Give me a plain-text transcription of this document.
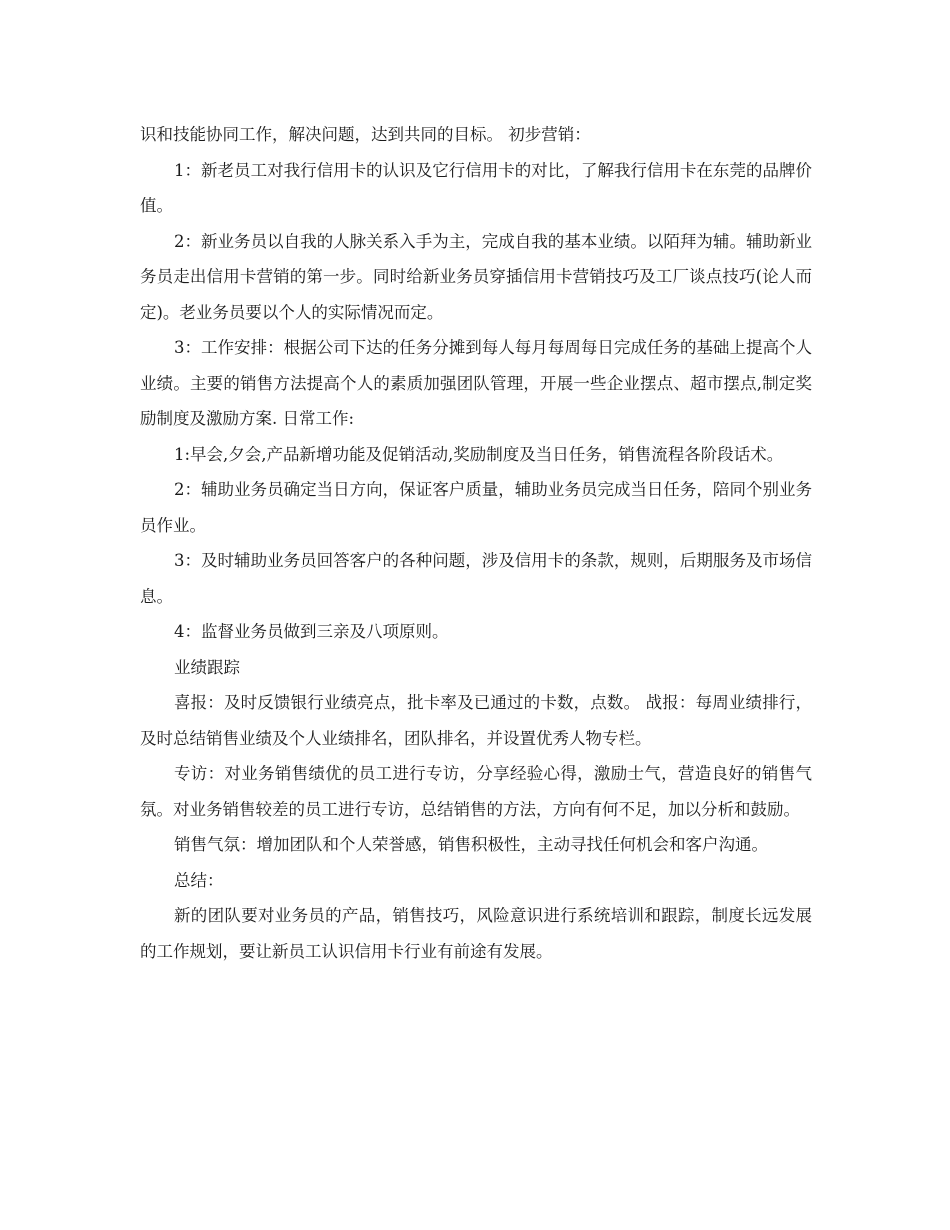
识和技能协同工作，解决问题，达到共同的目标。 初步营销：

1：新老员工对我行信用卡的认识及它行信用卡的对比，了解我行信用卡在东莞的品牌价值。

2：新业务员以自我的人脉关系入手为主，完成自我的基本业绩。以陌拜为辅。辅助新业务员走出信用卡营销的第一步。同时给新业务员穿插信用卡营销技巧及工厂谈点技巧(论人而定)。老业务员要以个人的实际情况而定。

3：工作安排：根据公司下达的任务分摊到每人每月每周每日完成任务的基础上提高个人业绩。主要的销售方法提高个人的素质加强团队管理，开展一些企业摆点、超市摆点,制定奖励制度及激励方案. 日常工作:

1:早会,夕会,产品新增功能及促销活动,奖励制度及当日任务，销售流程各阶段话术。

2：辅助业务员确定当日方向，保证客户质量，辅助业务员完成当日任务，陪同个别业务员作业。

3：及时辅助业务员回答客户的各种问题，涉及信用卡的条款，规则，后期服务及市场信息。

4：监督业务员做到三亲及八项原则。

业绩跟踪

喜报：及时反馈银行业绩亮点，批卡率及已通过的卡数，点数。 战报：每周业绩排行，及时总结销售业绩及个人业绩排名，团队排名，并设置优秀人物专栏。

专访：对业务销售绩优的员工进行专访，分享经验心得，激励士气，营造良好的销售气氛。对业务销售较差的员工进行专访，总结销售的方法，方向有何不足，加以分析和鼓励。

销售气氛：增加团队和个人荣誉感，销售积极性，主动寻找任何机会和客户沟通。

总结：

新的团队要对业务员的产品，销售技巧，风险意识进行系统培训和跟踪，制度长远发展的工作规划，要让新员工认识信用卡行业有前途有发展。
